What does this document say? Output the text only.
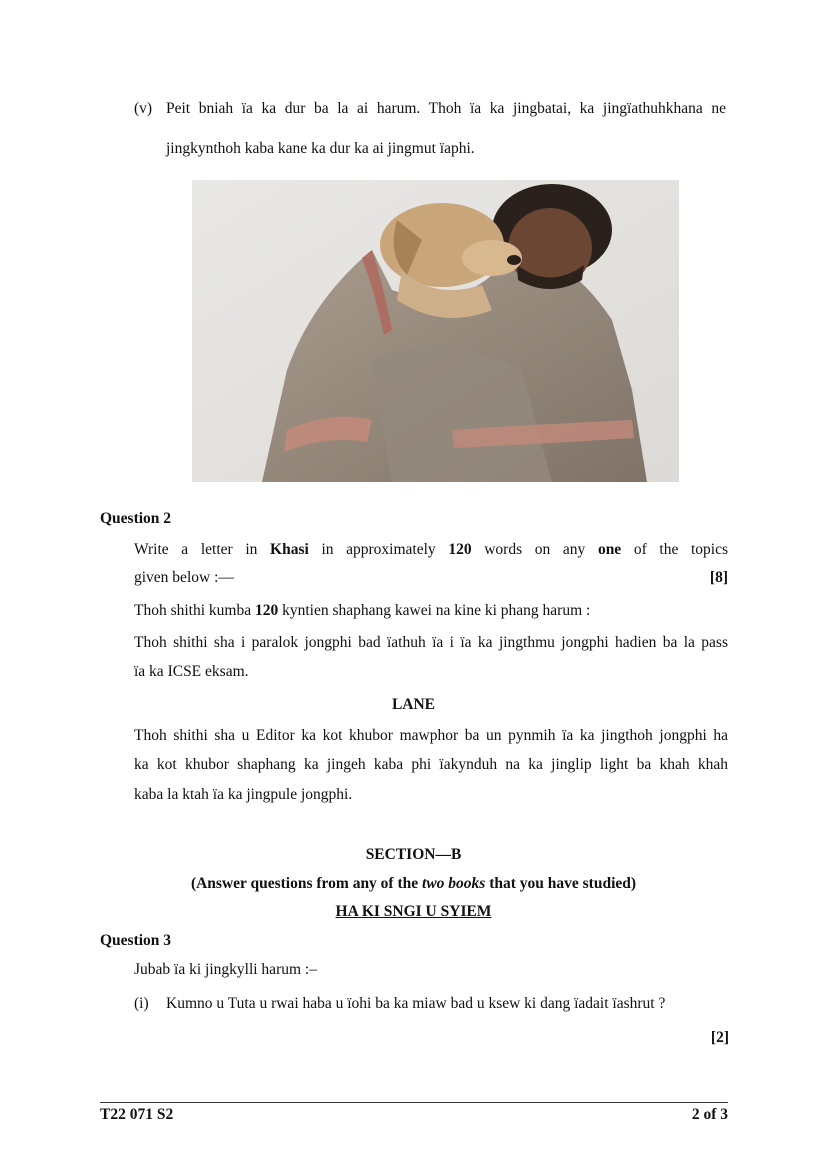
(v) Peit bniah ïa ka dur ba la ai harum. Thoh ïa ka jingbatai, ka jingïathuhkhana ne
jingkynthoh kaba kane ka dur ka ai jingmut ïaphi.
Question 2
Write a letter in Khasi in approximately 120 words on any one of the topics
given below :—	[8]
Thoh shithi kumba 120 kyntien shaphang kawei na kine ki phang harum :
Thoh shithi sha i paralok jongphi bad ïathuh ïa i ïa ka jingthmu jongphi hadien ba la pass
ïa ka ICSE eksam.
LANE
Thoh shithi sha u Editor ka kot khubor mawphor ba un pynmih ïa ka jingthoh jongphi ha
ka kot khubor shaphang ka jingeh kaba phi ïakynduh na ka jinglip light ba khah khah
kaba la ktah ïa ka jingpule jongphi.
SECTION—B
(Answer questions from any of the two books that you have studied)
HA KI SNGI U SYIEM
Question 3
Jubab ïa ki jingkylli harum :–
(i) Kumno u Tuta u rwai haba u ïohi ba ka miaw bad u ksew ki dang ïadait ïashrut ?
[2]
T22 071 S2	2 of 3
